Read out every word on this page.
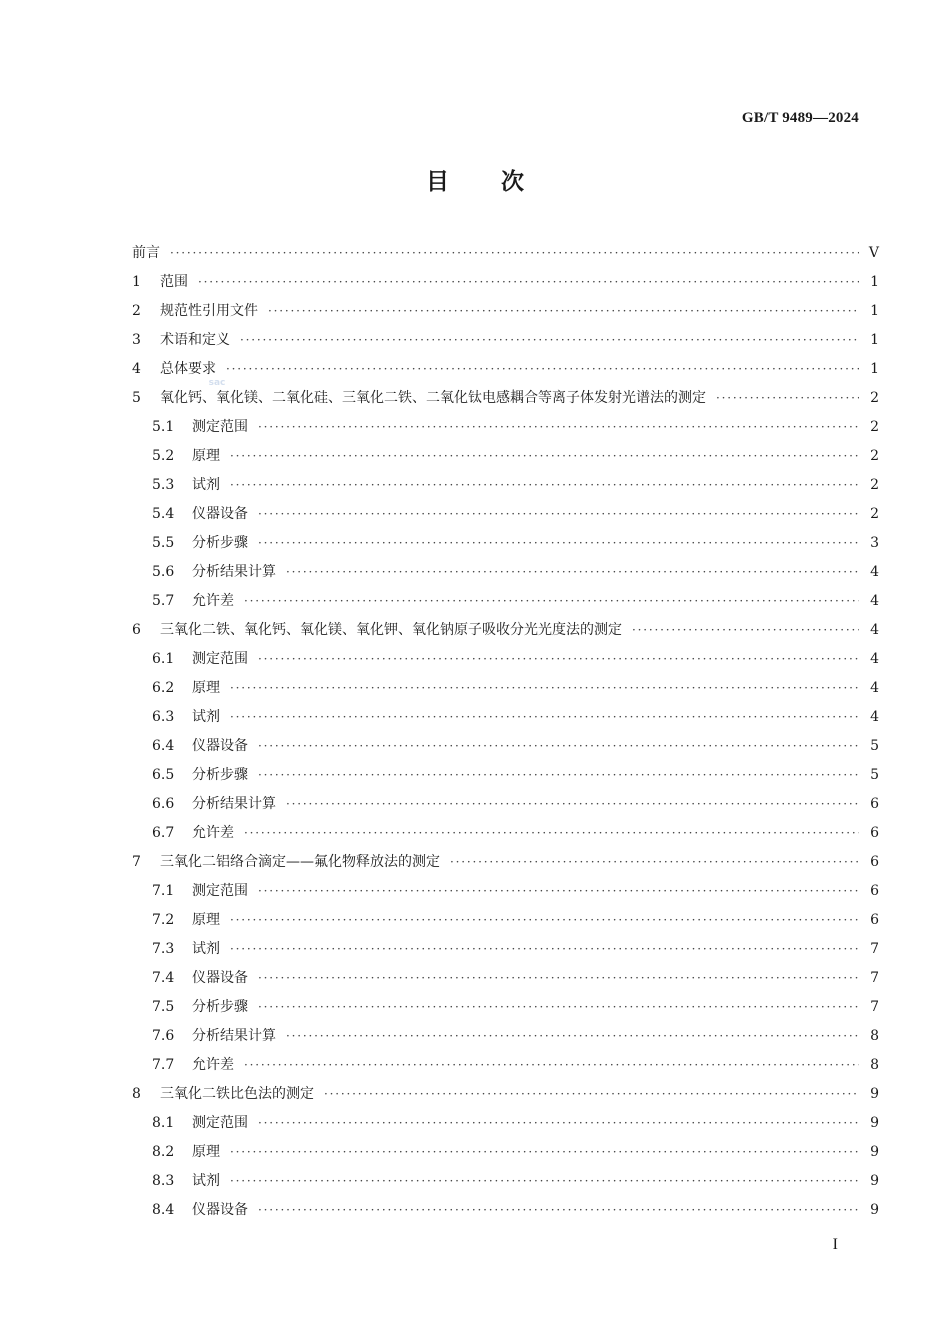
GB/T 9489—2024
目 次
sac
前言 · · ·	V
1	范围 · · ·	1
2	规范性引用文件 · · ·	1
3	术语和定义 · · ·	1
4	总体要求 · · ·	1
5	氧化钙、氧化镁、二氧化硅、三氧化二铁、二氧化钛电感耦合等离子体发射光谱法的测定 · · ·	2
5.1	测定范围 · · ·	2
5.2	原理 · · ·	2
5.3	试剂 · · ·	2
5.4	仪器设备 · · ·	2
5.5	分析步骤 · · ·	3
5.6	分析结果计算 · · ·	4
5.7	允许差 · · ·	4
6	三氧化二铁、氧化钙、氧化镁、氧化钾、氧化钠原子吸收分光光度法的测定 · · ·	4
6.1	测定范围 · · ·	4
6.2	原理 · · ·	4
6.3	试剂 · · ·	4
6.4	仪器设备 · · ·	5
6.5	分析步骤 · · ·	5
6.6	分析结果计算 · · ·	6
6.7	允许差 · · ·	6
7	三氧化二铝络合滴定——氟化物释放法的测定 · · ·	6
7.1	测定范围 · · ·	6
7.2	原理 · · ·	6
7.3	试剂 · · ·	7
7.4	仪器设备 · · ·	7
7.5	分析步骤 · · ·	7
7.6	分析结果计算 · · ·	8
7.7	允许差 · · ·	8
8	三氧化二铁比色法的测定 · · ·	9
8.1	测定范围 · · ·	9
8.2	原理 · · ·	9
8.3	试剂 · · ·	9
8.4	仪器设备 · · ·	9
I
